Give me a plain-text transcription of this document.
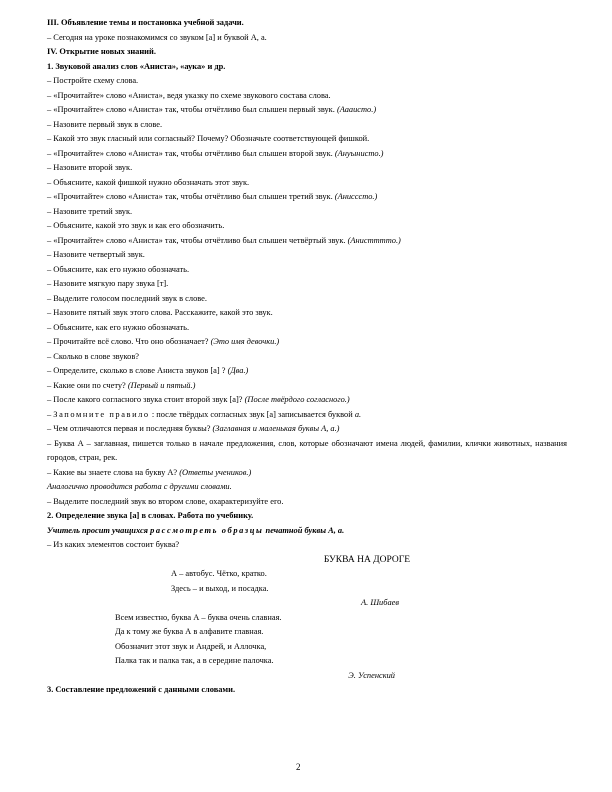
III. Объявление темы и постановка учебной задачи.
– Сегодня на уроке познакомимся со звуком [а] и буквой А, а.
IV. Открытие новых знаний.
1. Звуковой анализ слов «Аниста», «аука» и др.
– Постройте схему слова.
– «Прочитайте» слово «Аниста», ведя указку по схеме звукового состава слова.
– «Прочитайте» слово «Аниста» так, чтобы отчётливо был слышен первый звук. (Аааисто.)
– Назовите первый звук в слове.
– Какой это звук гласный или согласный? Почему? Обозначьте соответствующей фишкой.
– «Прочитайте» слово «Аниста» так, чтобы отчётливо был слышен второй звук. (Ануынисто.)
– Назовите второй звук.
– Объясните, какой фишкой нужно обозначать этот звук.
– «Прочитайте» слово «Аниста» так, чтобы отчётливо был слышен третий звук. (Анисссто.)
– Назовите третий звук.
– Объясните, какой это звук и как его обозначить.
– «Прочитайте» слово «Аниста» так, чтобы отчётливо был слышен четвёртый звук. (Анистттто.)
– Назовите четвертый звук.
– Объясните, как его нужно обозначать.
– Назовите мягкую пару звука [т].
– Выделите голосом последний звук в слове.
– Назовите пятый звук этого слова. Расскажите, какой это звук.
– Объясните, как его нужно обозначать.
– Прочитайте всё слово. Что оно обозначает? (Это имя девочки.)
– Сколько в слове звуков?
– Определите, сколько в слове Аниста звуков [а] ? (Два.)
– Какие они по счету? (Первый и пятый.)
– После какого согласного звука стоит второй звук [а]? (После твёрдого согласного.)
– Запомните правило : после твёрдых согласных звук [а] записывается буквой а.
– Чем отличаются первая и последняя буквы? (Заглавная и маленькая буквы А, а.)
– Буква А – заглавная, пишется только в начале предложения, слов, которые обозначают имена людей, фамилии, клички животных, названия городов, стран, рек.
– Какие вы знаете слова на букву А? (Ответы учеников.)
Аналогично проводится работа с другими словами.
– Выделите последний звук во втором слове, охарактеризуйте его.
2. Определение звука [а] в словах. Работа по учебнику.
Учитель просит учащихся рассмотреть образцы печатной буквы А, а.
– Из каких элементов состоит буква?
БУКВА НА ДОРОГЕ
А – автобус. Чётко, кратко.
Здесь – и выход, и посадка.
А. Шибаев
Всем известно, буква А – буква очень славная.
Да к тому же буква А в алфавите главная.
Обозначит этот звук и Андрей, и Аллочка,
Палка так и палка так, а в середине палочка.
Э. Успенский
3. Составление предложений с данными словами.
2
